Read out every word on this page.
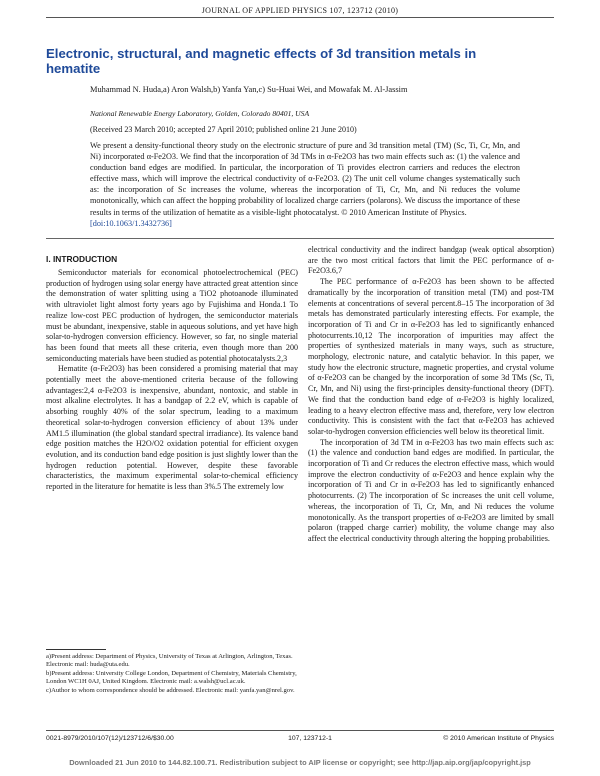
JOURNAL OF APPLIED PHYSICS 107, 123712 (2010)
Electronic, structural, and magnetic effects of 3d transition metals in hematite
Muhammad N. Huda,a) Aron Walsh,b) Yanfa Yan,c) Su-Huai Wei, and Mowafak M. Al-Jassim
National Renewable Energy Laboratory, Golden, Colorado 80401, USA
(Received 23 March 2010; accepted 27 April 2010; published online 21 June 2010)
We present a density-functional theory study on the electronic structure of pure and 3d transition metal (TM) (Sc, Ti, Cr, Mn, and Ni) incorporated α-Fe2O3. We find that the incorporation of 3d TMs in α-Fe2O3 has two main effects such as: (1) the valence and conduction band edges are modified. In particular, the incorporation of Ti provides electron carriers and reduces the electron effective mass, which will improve the electrical conductivity of α-Fe2O3. (2) The unit cell volume changes systematically such as: the incorporation of Sc increases the volume, whereas the incorporation of Ti, Cr, Mn, and Ni reduces the volume monotonically, which can affect the hopping probability of localized charge carriers (polarons). We discuss the importance of these results in terms of the utilization of hematite as a visible-light photocatalyst. © 2010 American Institute of Physics.
[doi:10.1063/1.3432736]
I. INTRODUCTION

Semiconductor materials for economical photoelectrochemical (PEC) production of hydrogen using solar energy have attracted great attention since the demonstration of water splitting using a TiO2 photoanode illuminated with ultraviolet light almost forty years ago by Fujishima and Honda.1 To realize low-cost PEC production of hydrogen, the semiconductor materials must be abundant, inexpensive, stable in aqueous solutions, and yet have high solar-to-hydrogen conversion efficiency. However, so far, no single material has been found that meets all these criteria, even though more than 200 semiconducting materials have been studied as potential photocatalysts.2,3

Hematite (α-Fe2O3) has been considered a promising material that may potentially meet the above-mentioned criteria because of the following advantages:2,4 α-Fe2O3 is inexpensive, abundant, nontoxic, and stable in most alkaline electrolytes. It has a bandgap of 2.2 eV, which is capable of absorbing roughly 40% of the solar spectrum, leading to a maximum theoretical solar-to-hydrogen conversion efficiency of about 13% under AM1.5 illumination (the global standard spectral irradiance). Its valence band edge position matches the H2O/O2 oxidation potential for efficient oxygen evolution, and its conduction band edge position is just slightly lower than the hydrogen reduction potential. However, despite these favorable characteristics, the maximum experimental solar-to-chemical efficiency reported in the literature for hematite is less than 3%.5 The extremely low

electrical conductivity and the indirect bandgap (weak optical absorption) are the two most critical factors that limit the PEC performance of α-Fe2O3.6,7

The PEC performance of α-Fe2O3 has been shown to be affected dramatically by the incorporation of transition metal (TM) and post-TM elements at concentrations of several percent.8–15 The incorporation of 3d metals has demonstrated particularly interesting effects. For example, the incorporation of Ti and Cr in α-Fe2O3 has led to significantly enhanced photocurrents.10,12 The incorporation of impurities may affect the properties of synthesized materials in many ways, such as structure, morphology, electronic nature, and catalytic behavior. In this paper, we study how the electronic structure, magnetic properties, and crystal volume of α-Fe2O3 can be changed by the incorporation of some 3d TMs (Sc, Ti, Cr, Mn, and Ni) using the first-principles density-functional theory (DFT). We find that the conduction band edge of α-Fe2O3 is highly localized, leading to a heavy electron effective mass and, therefore, very low electron conductivity. This is consistent with the fact that α-Fe2O3 has achieved solar-to-hydrogen conversion efficiencies well below its theoretical limit.

The incorporation of 3d TM in α-Fe2O3 has two main effects such as: (1) the valence and conduction band edges are modified. In particular, the incorporation of Ti and Cr reduces the electron effective mass, which would improve the electron conductivity of α-Fe2O3 and hence explain why the incorporation of Ti and Cr in α-Fe2O3 has led to significantly enhanced photocurrents. (2) The incorporation of Sc increases the unit cell volume, whereas, the incorporation of Ti, Cr, Mn, and Ni reduces the volume monotonically. As the transport properties of α-Fe2O3 are limited by small polaron (trapped charge carrier) mobility, the volume change may also affect the electrical conductivity through altering the hopping probabilities.

a)Present address: Department of Physics, University of Texas at Arlington, Arlington, Texas. Electronic mail: huda@uta.edu.
b)Present address: University College London, Department of Chemistry, Materials Chemistry, London WC1H 0AJ, United Kingdom. Electronic mail: a.walsh@ucl.ac.uk.
c)Author to whom correspondence should be addressed. Electronic mail: yanfa.yan@nrel.gov.
0021-8979/2010/107(12)/123712/6/$30.00	107, 123712-1	© 2010 American Institute of Physics
Downloaded 21 Jun 2010 to 144.82.100.71. Redistribution subject to AIP license or copyright; see http://jap.aip.org/jap/copyright.jsp
